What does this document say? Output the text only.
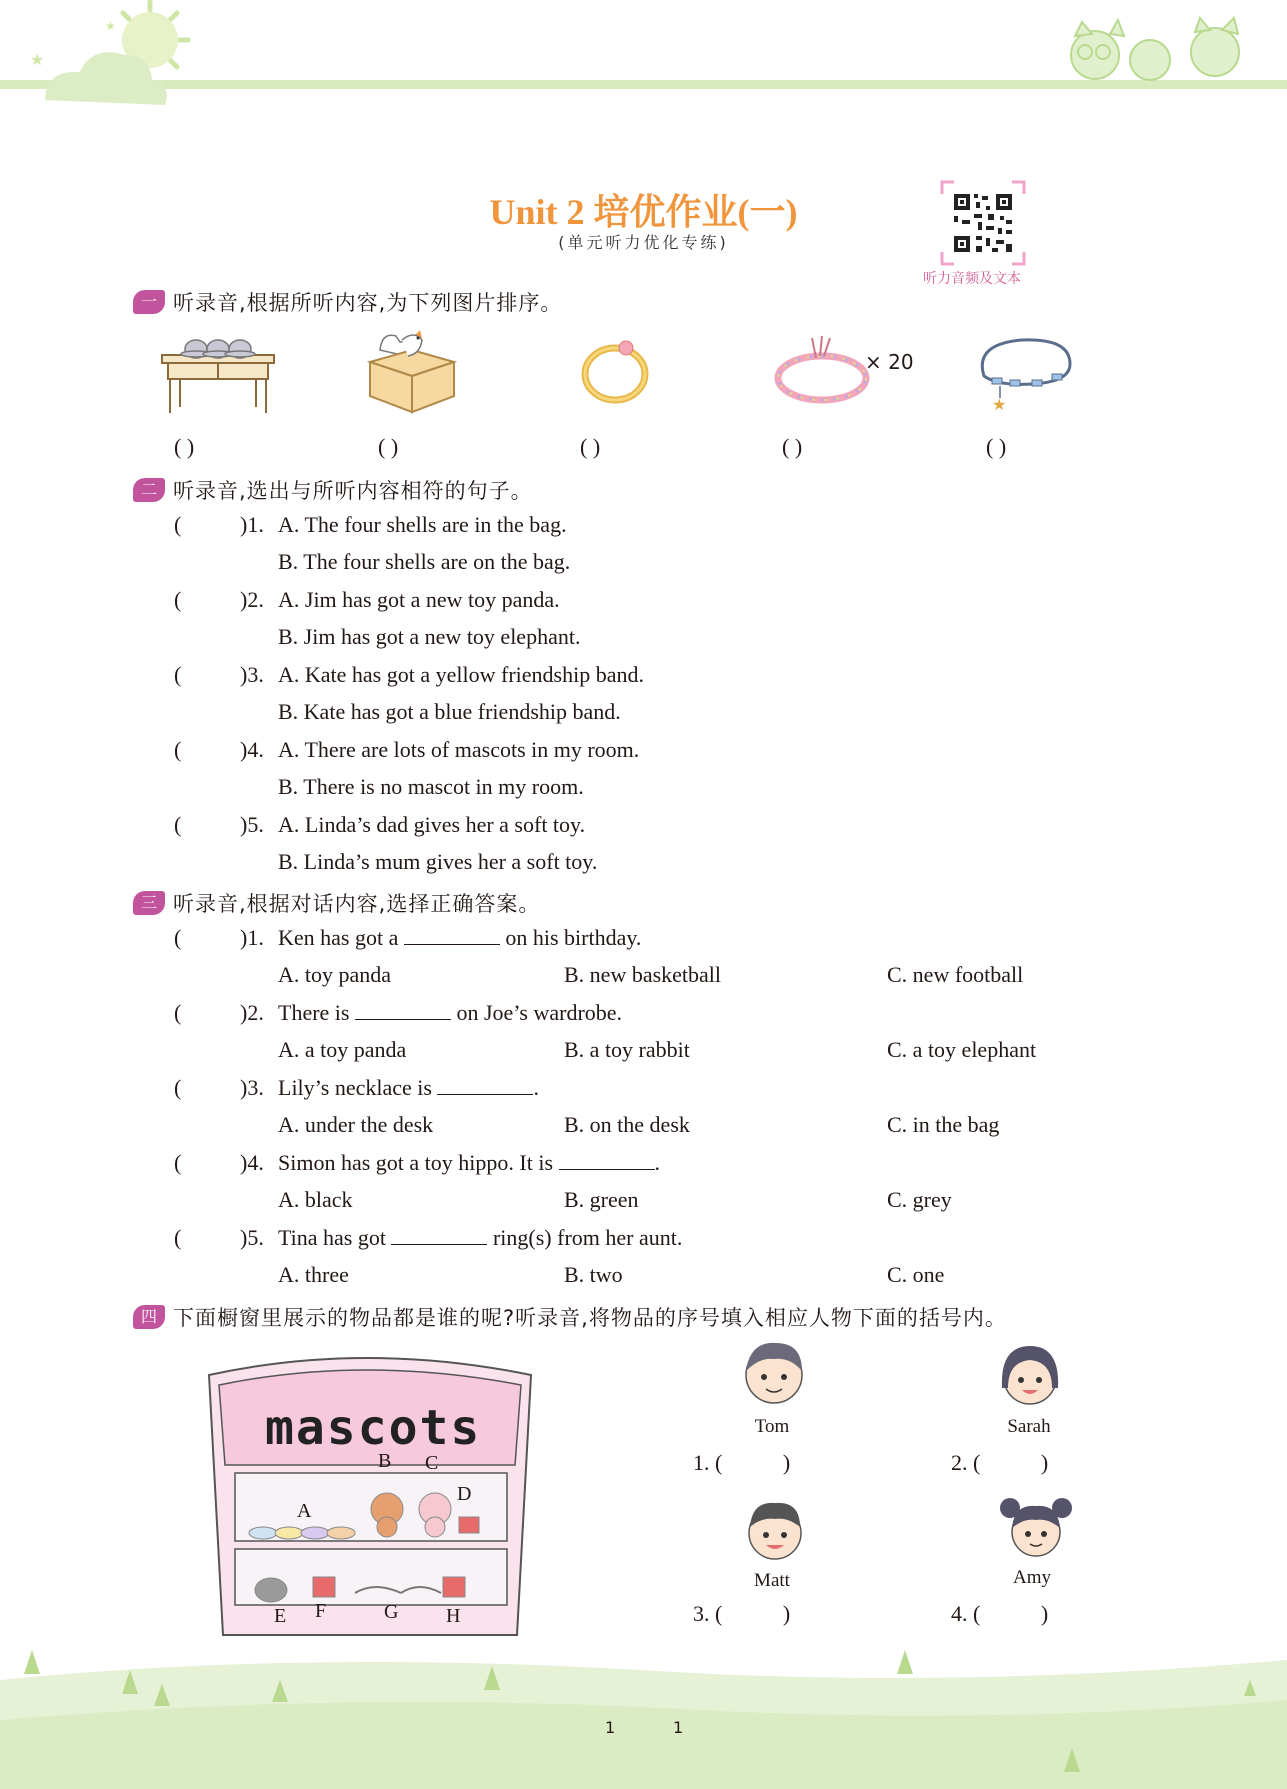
★
★
Unit 2 培优作业(一)
(单元听力优化专练)
听力音频及文本
一 听录音,根据所听内容,为下列图片排序。
× 20
★
( )	( )	( )	( )	( )
二 听录音,选出与所听内容相符的句子。
(	)1. A. The four shells are in the bag.
B. The four shells are on the bag.
(	)2. A. Jim has got a new toy panda.
B. Jim has got a new toy elephant.
(	)3. A. Kate has got a yellow friendship band.
B. Kate has got a blue friendship band.
(	)4. A. There are lots of mascots in my room.
B. There is no mascot in my room.
(	)5. A. Linda’s dad gives her a soft toy.
B. Linda’s mum gives her a soft toy.
三 听录音,根据对话内容,选择正确答案。
(	)1. Ken has got a	on his birthday.
A. toy panda	B. new basketball	C. new football
(	)2. There is	on Joe’s wardrobe.
A. a toy panda	B. a toy rabbit	C. a toy elephant
(	)3. Lily’s necklace is	.
A. under the desk	B. on the desk	C. in the bag
(	)4. Simon has got a toy hippo. It is	.
A. black	B. green	C. grey
(	)5. Tina has got	ring(s) from her aunt.
A. three	B. two	C. one
四 下面橱窗里展示的物品都是谁的呢?听录音,将物品的序号填入相应人物下面的括号内。
mascots
A
B C
D
E F	G H
Tom	Sarah
Matt	Amy
1. (           )	2. (           )
3. (           )	4. (           )
1	1
